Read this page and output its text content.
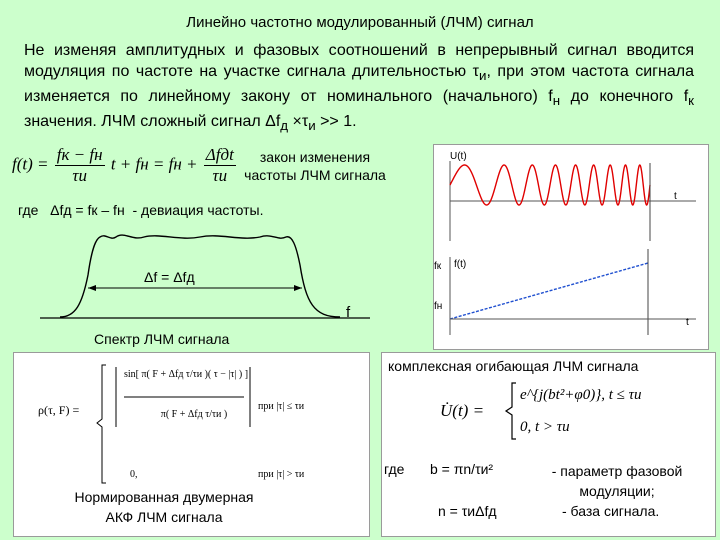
Линейно частотно модулированный (ЛЧМ) сигнал
Не изменяя амплитудных и фазовых соотношений в непрерывный сигнал вводится модуляция по частоте на участке сигнала длительностью $\tau_и$, при этом частота сигнала изменяется по линейному закону от номинального (начального) $f_н$ до конечного $f_к$ значения. ЛЧМ сложный сигнал $\Delta f_д \times\tau_и >> 1$.
$f(t) = \frac{fк - fн}{\tau и}$ t + fн = fн + $\frac{\text{Δfдt}}{\tau и}$	закон изменения частоты ЛЧМ сигнала
где Δfд = fк – fн - девиация частоты.
Δf = Δfд
f
Спектр ЛЧМ сигнала
U(t)
t
f(t)
fк
fн
t
ρ(τ, F) =
sin[ π( F + Δfд τ/τи )( τ − |τ| ) ]
π( F + Δfд τ/τи )
при |τ| ≤ τи
0,	при |τ| > τи
Нормированная двумерная
АКФ ЛЧМ сигнала
комплексная огибающая ЛЧМ сигнала
U̇(t) =
e^{j(bt²+φ0)}, t ≤ τи
0, t > τи
где b = πn/τи²	- параметр фазовой модуляции;
n = τиΔfд	- база сигнала.
